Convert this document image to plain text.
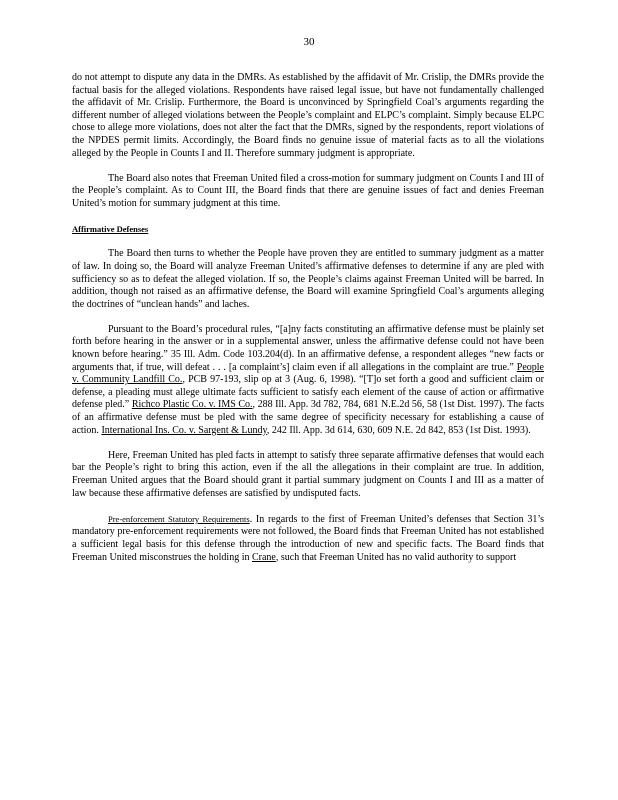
30

do not attempt to dispute any data in the DMRs. As established by the affidavit of Mr. Crislip, the DMRs provide the factual basis for the alleged violations. Respondents have raised legal issue, but have not fundamentally challenged the affidavit of Mr. Crislip. Furthermore, the Board is unconvinced by Springfield Coal’s arguments regarding the different number of alleged violations between the People’s complaint and ELPC’s complaint. Simply because ELPC chose to allege more violations, does not alter the fact that the DMRs, signed by the respondents, report violations of the NPDES permit limits. Accordingly, the Board finds no genuine issue of material facts as to all the violations alleged by the People in Counts I and II. Therefore summary judgment is appropriate.

The Board also notes that Freeman United filed a cross-motion for summary judgment on Counts I and III of the People’s complaint. As to Count III, the Board finds that there are genuine issues of fact and denies Freeman United’s motion for summary judgment at this time.

Affirmative Defenses

The Board then turns to whether the People have proven they are entitled to summary judgment as a matter of law. In doing so, the Board will analyze Freeman United’s affirmative defenses to determine if any are pled with sufficiency so as to defeat the alleged violation. If so, the People’s claims against Freeman United will be barred. In addition, though not raised as an affirmative defense, the Board will examine Springfield Coal’s arguments alleging the doctrines of “unclean hands” and laches.

Pursuant to the Board’s procedural rules, “[a]ny facts constituting an affirmative defense must be plainly set forth before hearing in the answer or in a supplemental answer, unless the affirmative defense could not have been known before hearing.” 35 Ill. Adm. Code 103.204(d). In an affirmative defense, a respondent alleges “new facts or arguments that, if true, will defeat . . . [a complaint’s] claim even if all allegations in the complaint are true.” People v. Community Landfill Co., PCB 97-193, slip op at 3 (Aug. 6, 1998). “[T]o set forth a good and sufficient claim or defense, a pleading must allege ultimate facts sufficient to satisfy each element of the cause of action or affirmative defense pled.” Richco Plastic Co. v. IMS Co., 288 Ill. App. 3d 782, 784, 681 N.E.2d 56, 58 (1st Dist. 1997). The facts of an affirmative defense must be pled with the same degree of specificity necessary for establishing a cause of action. International Ins. Co. v. Sargent & Lundy, 242 Ill. App. 3d 614, 630, 609 N.E. 2d 842, 853 (1st Dist. 1993).

Here, Freeman United has pled facts in attempt to satisfy three separate affirmative defenses that would each bar the People’s right to bring this action, even if the all the allegations in their complaint are true. In addition, Freeman United argues that the Board should grant it partial summary judgment on Counts I and III as a matter of law because these affirmative defenses are satisfied by undisputed facts.

Pre-enforcement Statutory Requirements. In regards to the first of Freeman United’s defenses that Section 31’s mandatory pre-enforcement requirements were not followed, the Board finds that Freeman United has not established a sufficient legal basis for this defense through the introduction of new and specific facts. The Board finds that Freeman United misconstrues the holding in Crane, such that Freeman United has no valid authority to support
